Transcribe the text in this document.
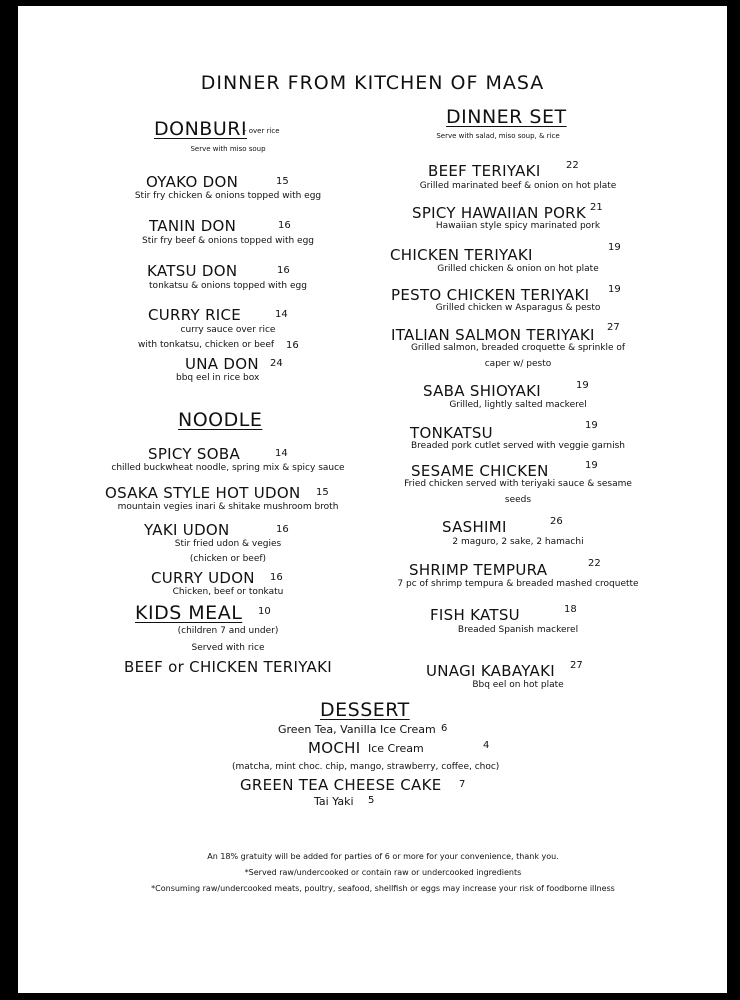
DINNER FROM KITCHEN OF MASA
DONBURI
- over rice
Serve with miso soup
OYAKO DON	15
Stir fry chicken & onions topped with egg
TANIN DON	16
Stir fry beef & onions topped with egg
KATSU DON	16
tonkatsu & onions topped with egg
CURRY RICE	14
curry sauce over rice
with tonkatsu, chicken or beef 16
UNA DON 24
bbq eel in rice box
NOODLE
SPICY SOBA	14
chilled buckwheat noodle, spring mix & spicy sauce
OSAKA STYLE HOT UDON 15
mountain vegies inari & shitake mushroom broth
YAKI UDON	16
Stir fried udon & vegies
(chicken or beef)
CURRY UDON 16
Chicken, beef or tonkatu
KIDS MEAL 10
(children 7 and under)
Served with rice
BEEF or CHICKEN TERIYAKI
DINNER SET
Serve with salad, miso soup, & rice
BEEF TERIYAKI	22
Grilled marinated beef & onion on hot plate
SPICY HAWAIIAN PORK 21
Hawaiian style spicy marinated pork
CHICKEN TERIYAKI	19
Grilled chicken & onion on hot plate
PESTO CHICKEN TERIYAKI 19
Grilled chicken w Asparagus & pesto
ITALIAN SALMON TERIYAKI 27
Grilled salmon, breaded croquette & sprinkle of
caper w/ pesto
SABA SHIOYAKI	19
Grilled, lightly salted mackerel
TONKATSU	19
Breaded pork cutlet served with veggie garnish
SESAME CHICKEN	19
Fried chicken served with teriyaki sauce & sesame
seeds
SASHIMI	26
2 maguro, 2 sake, 2 hamachi
SHRIMP TEMPURA	22
7 pc of shrimp tempura & breaded mashed croquette
FISH KATSU	18
Breaded Spanish mackerel
UNAGI KABAYAKI 27
Bbq eel on hot plate
DESSERT
Green Tea, Vanilla Ice Cream 6
MOCHI Ice Cream	4
(matcha, mint choc. chip, mango, strawberry, coffee, choc)
GREEN TEA CHEESE CAKE 7
Tai Yaki 5
An 18% gratuity will be added for parties of 6 or more for your convenience, thank you.
*Served raw/undercooked or contain raw or undercooked ingredients
*Consuming raw/undercooked meats, poultry, seafood, shellfish or eggs may increase your risk of foodborne illness
